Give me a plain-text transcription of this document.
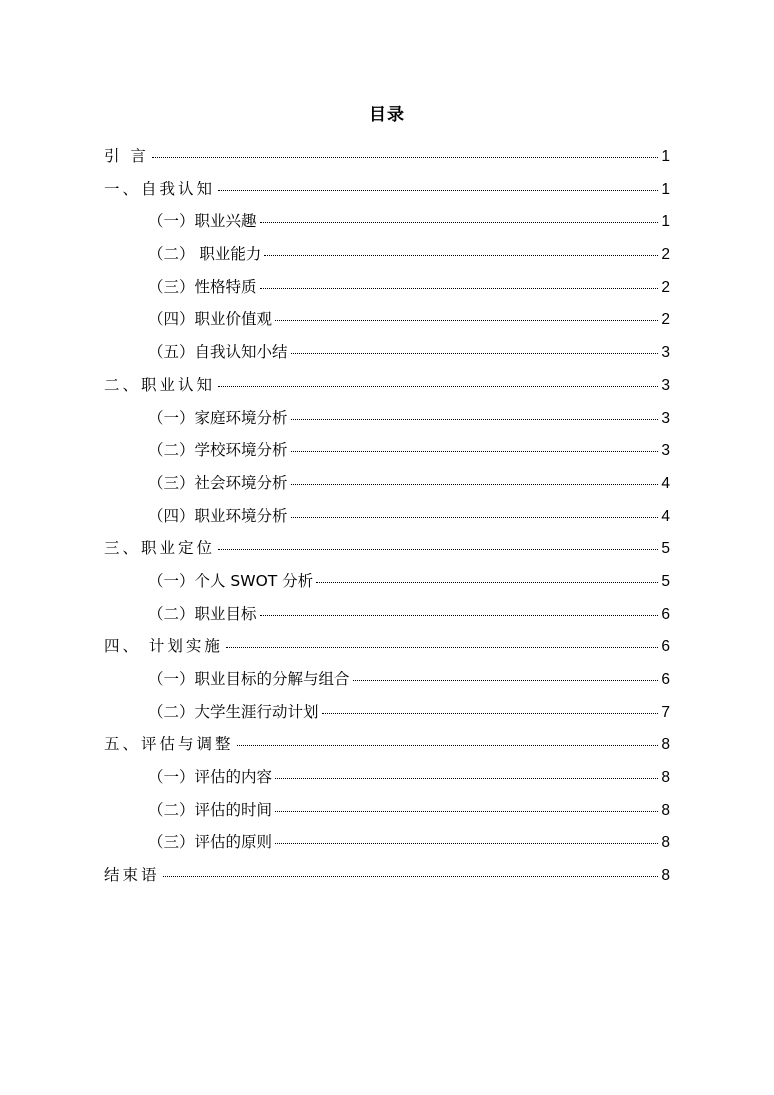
目录
引 言	1
一、自我认知	1
（一）职业兴趣	1
（二） 职业能力	2
（三）性格特质	2
（四）职业价值观	2
（五）自我认知小结	3
二、职业认知	3
（一）家庭环境分析	3
（二）学校环境分析	3
（三）社会环境分析	4
（四）职业环境分析	4
三、职业定位	5
（一）个人 SWOT 分析	5
（二）职业目标	6
四、 计划实施	6
（一）职业目标的分解与组合	6
（二）大学生涯行动计划	7
五、评估与调整	8
（一）评估的内容	8
（二）评估的时间	8
（三）评估的原则	8
结束语	8
